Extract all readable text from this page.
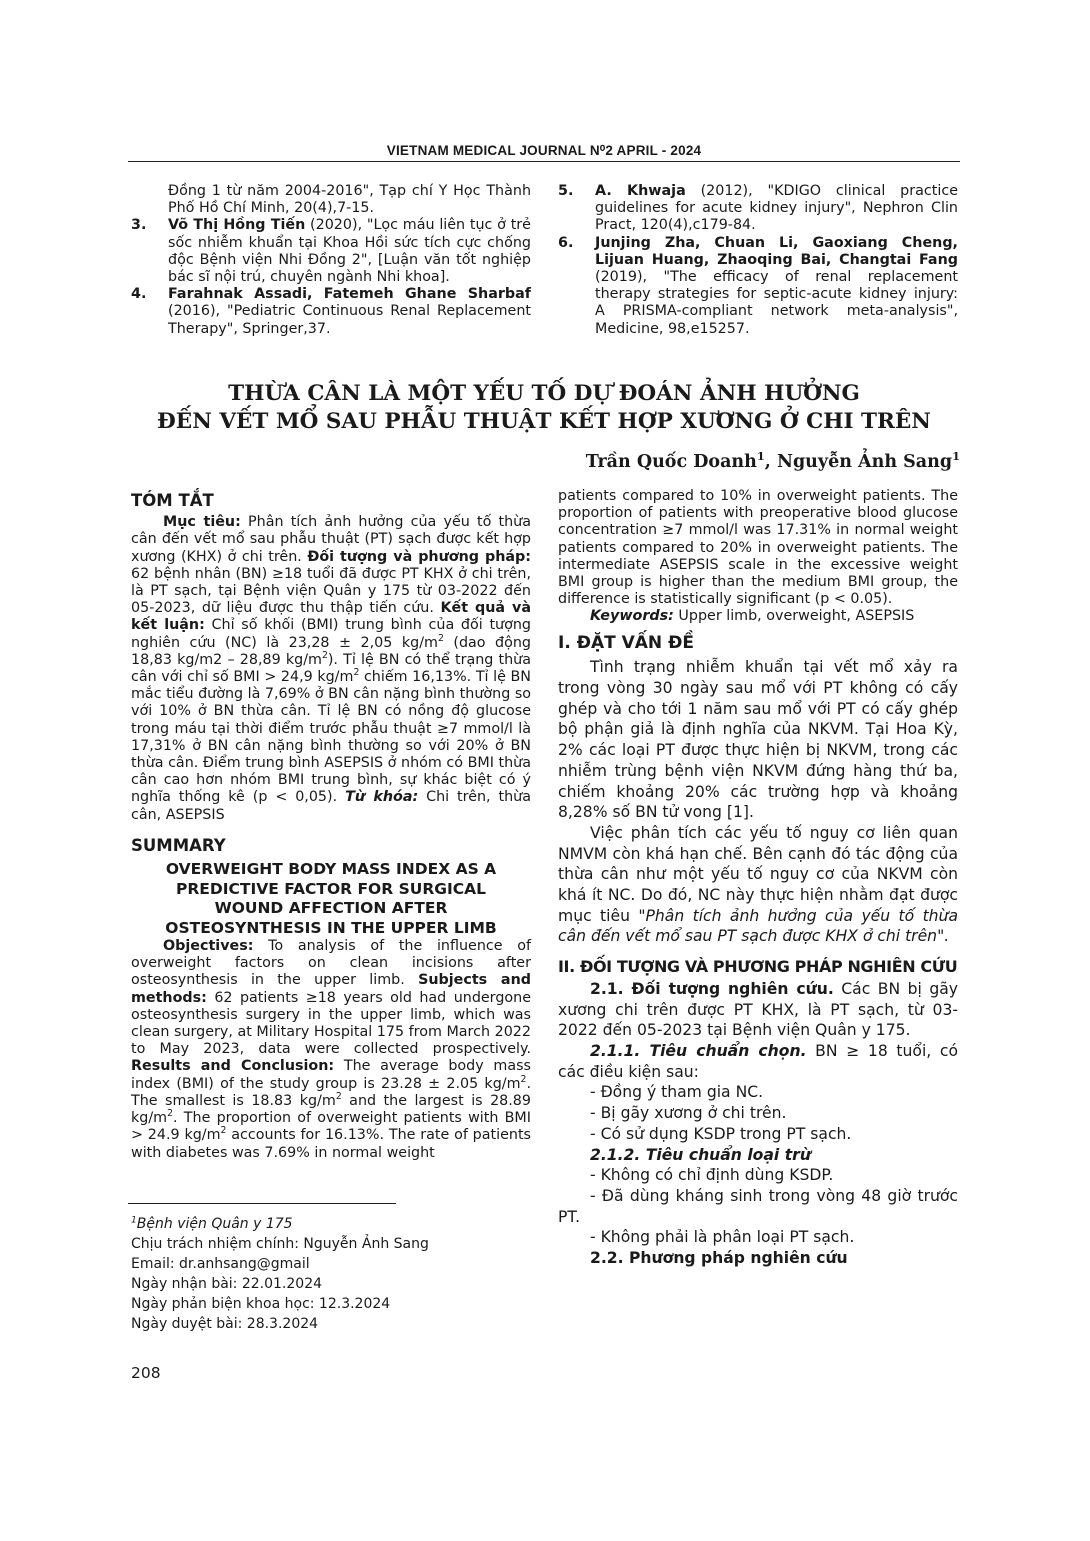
VIETNAM MEDICAL JOURNAL N⁰2 APRIL - 2024

Đồng 1 từ năm 2004-2016", Tạp chí Y Học Thành Phố Hồ Chí Minh, 20(4),7-15.

3. Võ Thị Hồng Tiến (2020), "Lọc máu liên tục ở trẻ sốc nhiễm khuẩn tại Khoa Hồi sức tích cực chống độc Bệnh viện Nhi Đồng 2", [Luận văn tốt nghiệp bác sĩ nội trú, chuyên ngành Nhi khoa].

4. Farahnak Assadi, Fatemeh Ghane Sharbaf (2016), "Pediatric Continuous Renal Replacement Therapy", Springer,37.

5. A. Khwaja (2012), "KDIGO clinical practice guidelines for acute kidney injury", Nephron Clin Pract, 120(4),c179-84.

6. Junjing Zha, Chuan Li, Gaoxiang Cheng, Lijuan Huang, Zhaoqing Bai, Changtai Fang (2019), "The efficacy of renal replacement therapy strategies for septic-acute kidney injury: A PRISMA-compliant network meta-analysis", Medicine, 98,e15257.

THỪA CÂN LÀ MỘT YẾU TỐ DỰ ĐOÁN ẢNH HƯỞNG
ĐẾN VẾT MỔ SAU PHẪU THUẬT KẾT HỢP XƯƠNG Ở CHI TRÊN
Trần Quốc Doanh$^1$, Nguyễn Ảnh Sang$^1$

TÓM TẮT

Mục tiêu: Phân tích ảnh hưởng của yếu tố thừa cân đến vết mổ sau phẫu thuật (PT) sạch được kết hợp xương (KHX) ở chi trên. Đối tượng và phương pháp: 62 bệnh nhân (BN) ≥18 tuổi đã được PT KHX ở chi trên, là PT sạch, tại Bệnh viện Quân y 175 từ 03-2022 đến 05-2023, dữ liệu được thu thập tiến cứu. Kết quả và kết luận: Chỉ số khối (BMI) trung bình của đối tượng nghiên cứu (NC) là 23,28 ± 2,05 $kg/m^2$ (dao động 18,83 kg/m2 – 28,89 $kg/m^2$). Tỉ lệ BN có thể trạng thừa cân với chỉ số BMI > 24,9 $kg/m^2$ chiếm 16,13%. Tỉ lệ BN mắc tiểu đường là 7,69% ở BN cân nặng bình thường so với 10% ở BN thừa cân. Tỉ lệ BN có nồng độ glucose trong máu tại thời điểm trước phẫu thuật ≥7 mmol/l là 17,31% ở BN cân nặng bình thường so với 20% ở BN thừa cân. Điểm trung bình ASEPSIS ở nhóm có BMI thừa cân cao hơn nhóm BMI trung bình, sự khác biệt có ý nghĩa thống kê (p < 0,05). Từ khóa: Chi trên, thừa cân, ASEPSIS

SUMMARY

OVERWEIGHT BODY MASS INDEX AS A

PREDICTIVE FACTOR FOR SURGICAL

WOUND AFFECTION AFTER

OSTEOSYNTHESIS IN THE UPPER LIMB

Objectives: To analysis of the influence of overweight factors on clean incisions after osteosynthesis in the upper limb. Subjects and methods: 62 patients ≥18 years old had undergone osteosynthesis surgery in the upper limb, which was clean surgery, at Military Hospital 175 from March 2022 to May 2023, data were collected prospectively. Results and Conclusion: The average body mass index (BMI) of the study group is 23.28 ± 2.05 $kg/m^2$. The smallest is 18.83 $kg/m^2$ and the largest is 28.89 $kg/m^2$. The proportion of overweight patients with BMI > 24.9 $kg/m^2$ accounts for 16.13%. The rate of patients with diabetes was 7.69% in normal weight

$^1$Bệnh viện Quân y 175
Chịu trách nhiệm chính: Nguyễn Ảnh Sang
Email: dr.anhsang@gmail
Ngày nhận bài: 22.01.2024
Ngày phản biện khoa học: 12.3.2024
Ngày duyệt bài: 28.3.2024

patients compared to 10% in overweight patients. The proportion of patients with preoperative blood glucose concentration ≥7 mmol/l was 17.31% in normal weight patients compared to 20% in overweight patients. The intermediate ASEPSIS scale in the excessive weight BMI group is higher than the medium BMI group, the difference is statistically significant (p < 0.05).

Keywords: Upper limb, overweight, ASEPSIS

I. ĐẶT VẤN ĐỀ

Tình trạng nhiễm khuẩn tại vết mổ xảy ra trong vòng 30 ngày sau mổ với PT không có cấy ghép và cho tới 1 năm sau mổ với PT có cấy ghép bộ phận giả là định nghĩa của NKVM. Tại Hoa Kỳ, 2% các loại PT được thực hiện bị NKVM, trong các nhiễm trùng bệnh viện NKVM đứng hàng thứ ba, chiếm khoảng 20% các trường hợp và khoảng 8,28% số BN tử vong [1].

Việc phân tích các yếu tố nguy cơ liên quan NMVM còn khá hạn chế. Bên cạnh đó tác động của thừa cân như một yếu tố nguy cơ của NKVM còn khá ít NC. Do đó, NC này thực hiện nhằm đạt được mục tiêu "Phân tích ảnh hưởng của yếu tố thừa cân đến vết mổ sau PT sạch được KHX ở chi trên".

II. ĐỐI TƯỢNG VÀ PHƯƠNG PHÁP NGHIÊN CỨU

2.1. Đối tượng nghiên cứu. Các BN bị gãy xương chi trên được PT KHX, là PT sạch, từ 03-2022 đến 05-2023 tại Bệnh viện Quân y 175.

2.1.1. Tiêu chuẩn chọn. BN ≥ 18 tuổi, có các điều kiện sau:

- Đồng ý tham gia NC.

- Bị gãy xương ở chi trên.

- Có sử dụng KSDP trong PT sạch.

2.1.2. Tiêu chuẩn loại trừ

- Không có chỉ định dùng KSDP.

- Đã dùng kháng sinh trong vòng 48 giờ trước PT.

- Không phải là phân loại PT sạch.

2.2. Phương pháp nghiên cứu

208
